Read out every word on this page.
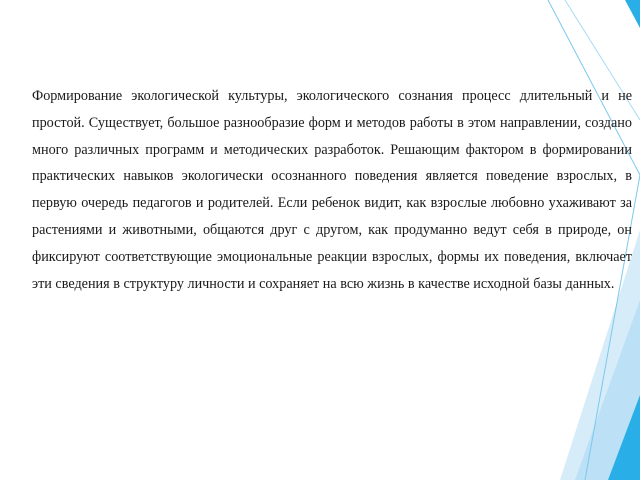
Формирование экологической культуры, экологического сознания процесс длительный и не простой. Существует, большое разнообразие форм и методов работы в этом направлении, создано много различных программ и методических разработок. Решающим фактором в формировании практических навыков экологически осознанного поведения является поведение взрослых, в первую очередь педагогов и родителей. Если ребенок видит, как взрослые любовно ухаживают за растениями и животными, общаются друг с другом, как продуманно ведут себя в природе, он фиксируют соответствующие эмоциональные реакции взрослых, формы их поведения, включает эти сведения в структуру личности и сохраняет на всю жизнь в качестве исходной базы данных.
